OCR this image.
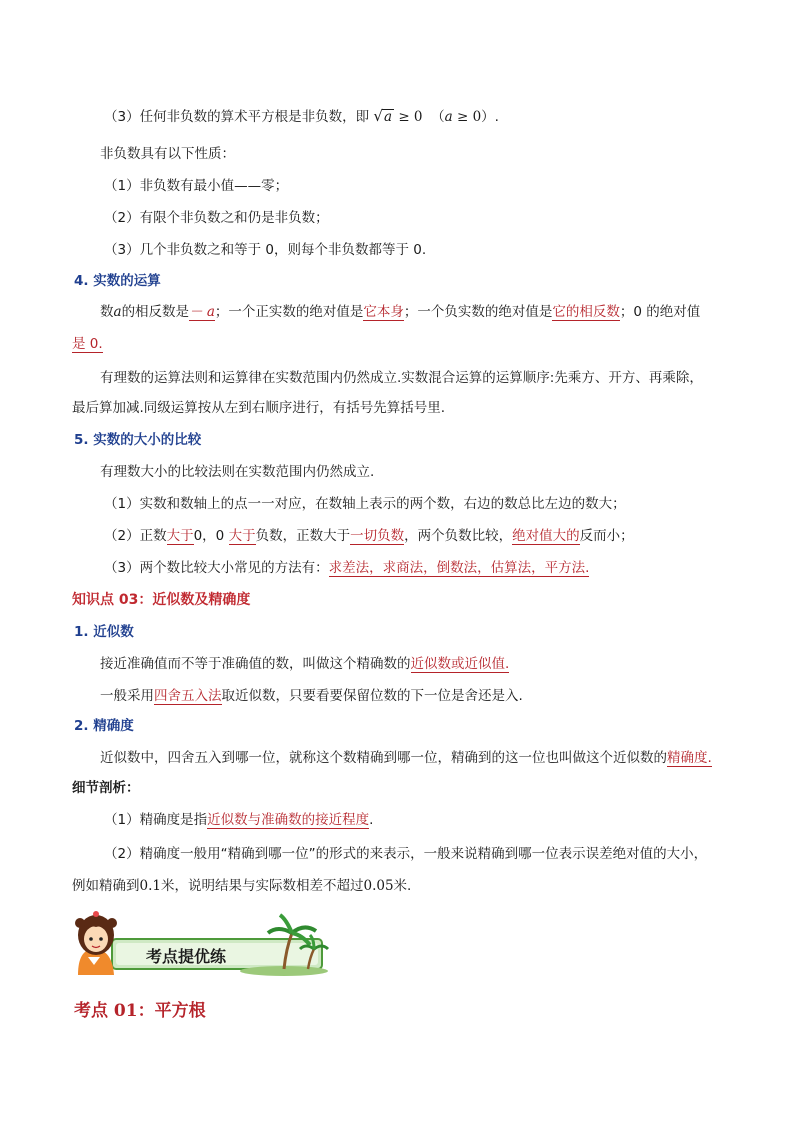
（3）任何非负数的算术平方根是非负数，即 √a ≥ 0 （a ≥ 0）.
非负数具有以下性质：
（1）非负数有最小值——零；
（2）有限个非负数之和仍是非负数；
（3）几个非负数之和等于 0，则每个非负数都等于 0.
4. 实数的运算
数a的相反数是－ a；一个正实数的绝对值是它本身；一个负实数的绝对值是它的相反数；0 的绝对值
是 0.
有理数的运算法则和运算律在实数范围内仍然成立.实数混合运算的运算顺序:先乘方、开方、再乘除，
最后算加减.同级运算按从左到右顺序进行，有括号先算括号里.
5. 实数的大小的比较
有理数大小的比较法则在实数范围内仍然成立.
（1）实数和数轴上的点一一对应，在数轴上表示的两个数，右边的数总比左边的数大；
（2）正数大于0，0 大于负数，正数大于一切负数，两个负数比较，绝对值大的反而小；
（3）两个数比较大小常见的方法有：求差法，求商法，倒数法，估算法，平方法.
知识点 03：近似数及精确度
1. 近似数
接近准确值而不等于准确值的数，叫做这个精确数的近似数或近似值.
一般采用四舍五入法取近似数，只要看要保留位数的下一位是舍还是入.
2. 精确度
近似数中，四舍五入到哪一位，就称这个数精确到哪一位，精确到的这一位也叫做这个近似数的精确度.
细节剖析：
（1）精确度是指近似数与准确数的接近程度.
（2）精确度一般用“精确到哪一位”的形式的来表示，一般来说精确到哪一位表示误差绝对值的大小，
例如精确到0.1米，说明结果与实际数相差不超过0.05米.
考点提优练
考点 01：平方根
